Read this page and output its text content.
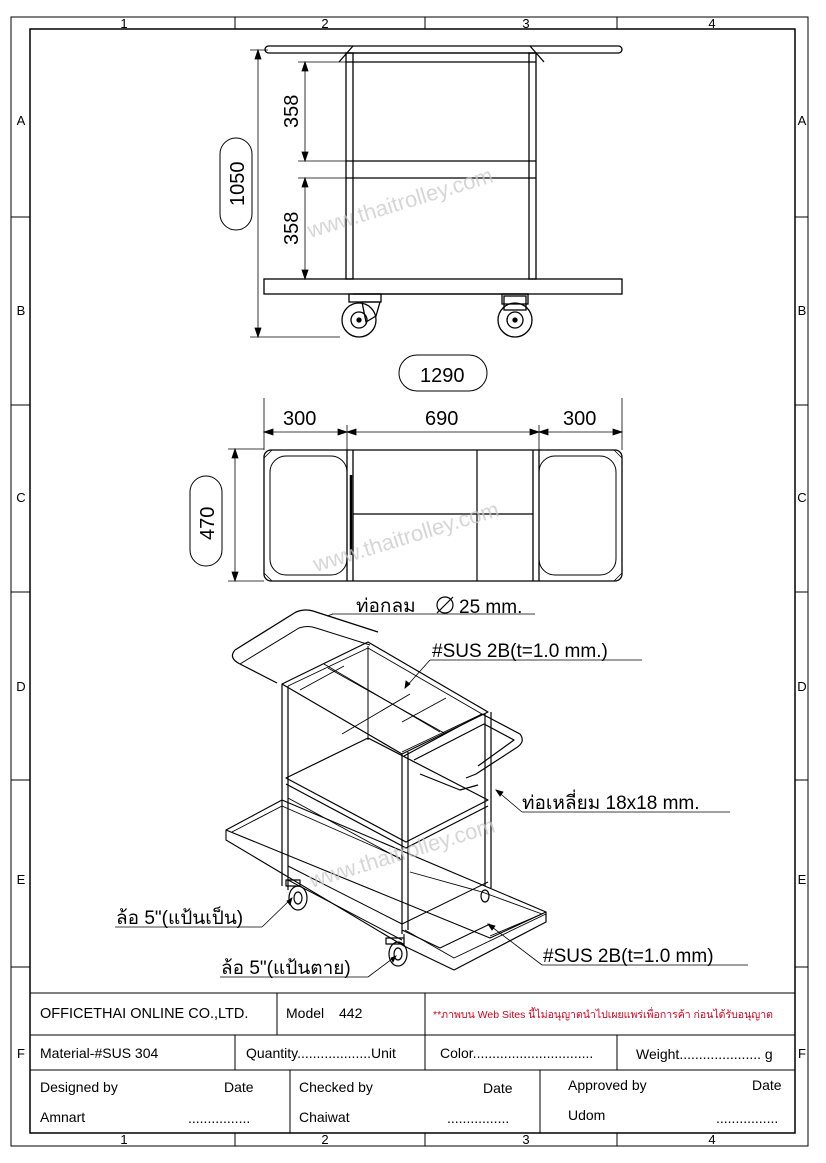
1	2	3	4
1	2	3	4
A
B
C
D
E
F
A
B
C
D
E
F
1050
358
358
1290
300	690	300
470
ท่อกลม 25 mm.
#SUS 2B(t=1.0 mm.)
ท่อเหลี่ยม 18x18 mm.
ล้อ 5"(แป้นเป็น)
ล้อ 5"(แป้นตาย)
#SUS 2B(t=1.0 mm)
www.thaitrolley.com
www.thaitrolley.com
www.thaitrolley.com
OFFICETHAI ONLINE CO.,LTD.	Model 442	**ภาพบน Web Sites นี้ไม่อนุญาตนำไปเผยแพร่เพื่อการค้า ก่อนได้รับอนุญาต
Material-#SUS 304	Quantity...................Unit	Color...............................	Weight..................... g
Designed by	Date
Amnart	................
Checked by	Date
Chaiwat	................
Approved by	Date
Udom	................
